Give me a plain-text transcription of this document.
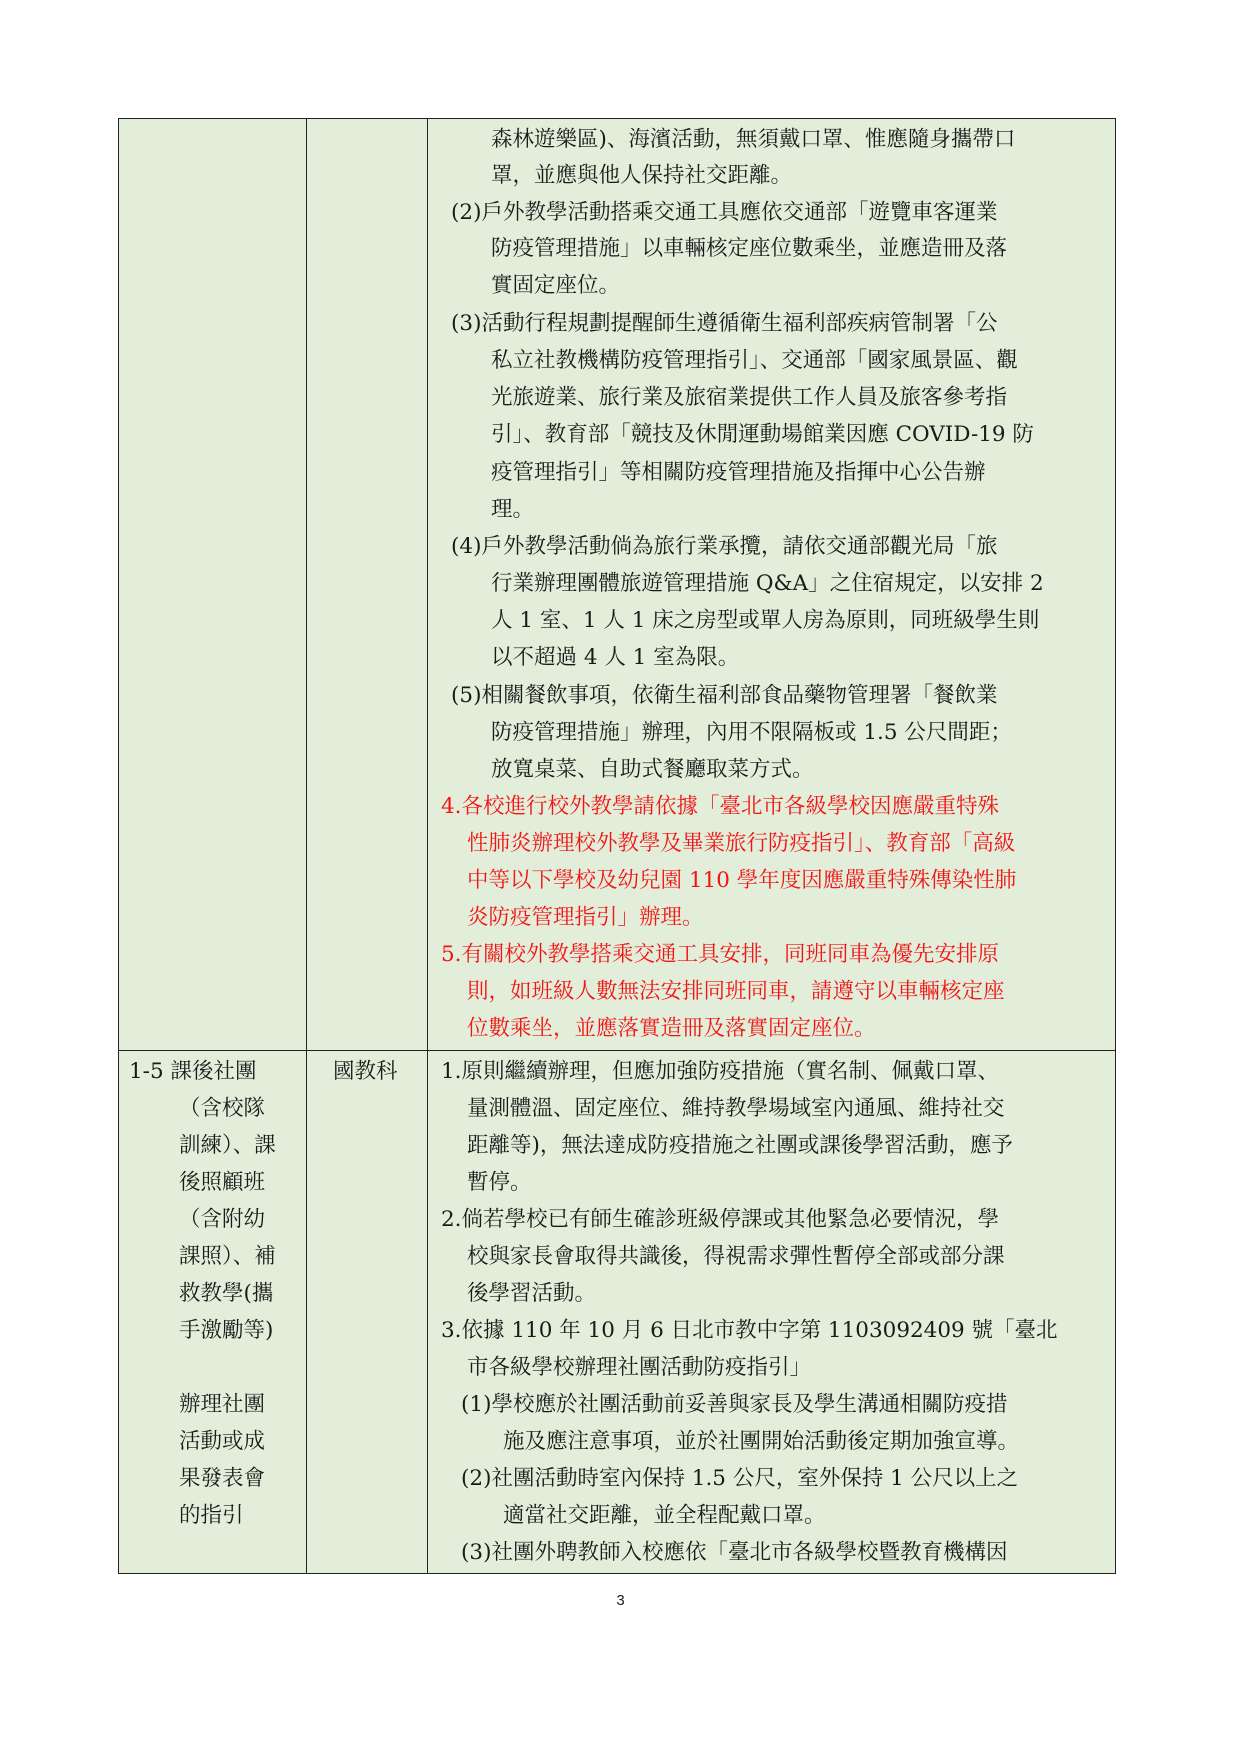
森林遊樂區)、海濱活動，無須戴口罩、惟應隨身攜帶口
罩，並應與他人保持社交距離。
(2)戶外教學活動搭乘交通工具應依交通部「遊覽車客運業
防疫管理措施」以車輛核定座位數乘坐，並應造冊及落
實固定座位。
(3)活動行程規劃提醒師生遵循衛生福利部疾病管制署「公
私立社教機構防疫管理指引」、交通部「國家風景區、觀
光旅遊業、旅行業及旅宿業提供工作人員及旅客參考指
引」、教育部「競技及休閒運動場館業因應 COVID-19 防
疫管理指引」等相關防疫管理措施及指揮中心公告辦
理。
(4)戶外教學活動倘為旅行業承攬，請依交通部觀光局「旅
行業辦理團體旅遊管理措施 Q&A」之住宿規定，以安排 2
人 1 室、1 人 1 床之房型或單人房為原則，同班級學生則
以不超過 4 人 1 室為限。
(5)相關餐飲事項，依衛生福利部食品藥物管理署「餐飲業
防疫管理措施」辦理，內用不限隔板或 1.5 公尺間距；
放寬桌菜、自助式餐廳取菜方式。
4.各校進行校外教學請依據「臺北市各級學校因應嚴重特殊
性肺炎辦理校外教學及畢業旅行防疫指引」、教育部「高級
中等以下學校及幼兒園 110 學年度因應嚴重特殊傳染性肺
炎防疫管理指引」辦理。
5.有關校外教學搭乘交通工具安排，同班同車為優先安排原
則，如班級人數無法安排同班同車，請遵守以車輛核定座
位數乘坐，並應落實造冊及落實固定座位。
1-5 課後社團
（含校隊
訓練）、課
後照顧班
（含附幼
課照）、補
救教學(攜
手激勵等)
辦理社團
活動或成
果發表會
的指引
國教科 1.原則繼續辦理，但應加強防疫措施（實名制、佩戴口罩、
量測體溫、固定座位、維持教學場域室內通風、維持社交
距離等)，無法達成防疫措施之社團或課後學習活動，應予
暫停。
2.倘若學校已有師生確診班級停課或其他緊急必要情況，學
校與家長會取得共識後，得視需求彈性暫停全部或部分課
後學習活動。
3.依據 110 年 10 月 6 日北市教中字第 1103092409 號「臺北
市各級學校辦理社團活動防疫指引」
(1)學校應於社團活動前妥善與家長及學生溝通相關防疫措
施及應注意事項，並於社團開始活動後定期加強宣導。
(2)社團活動時室內保持 1.5 公尺，室外保持 1 公尺以上之
適當社交距離，並全程配戴口罩。
(3)社團外聘教師入校應依「臺北市各級學校暨教育機構因
3
